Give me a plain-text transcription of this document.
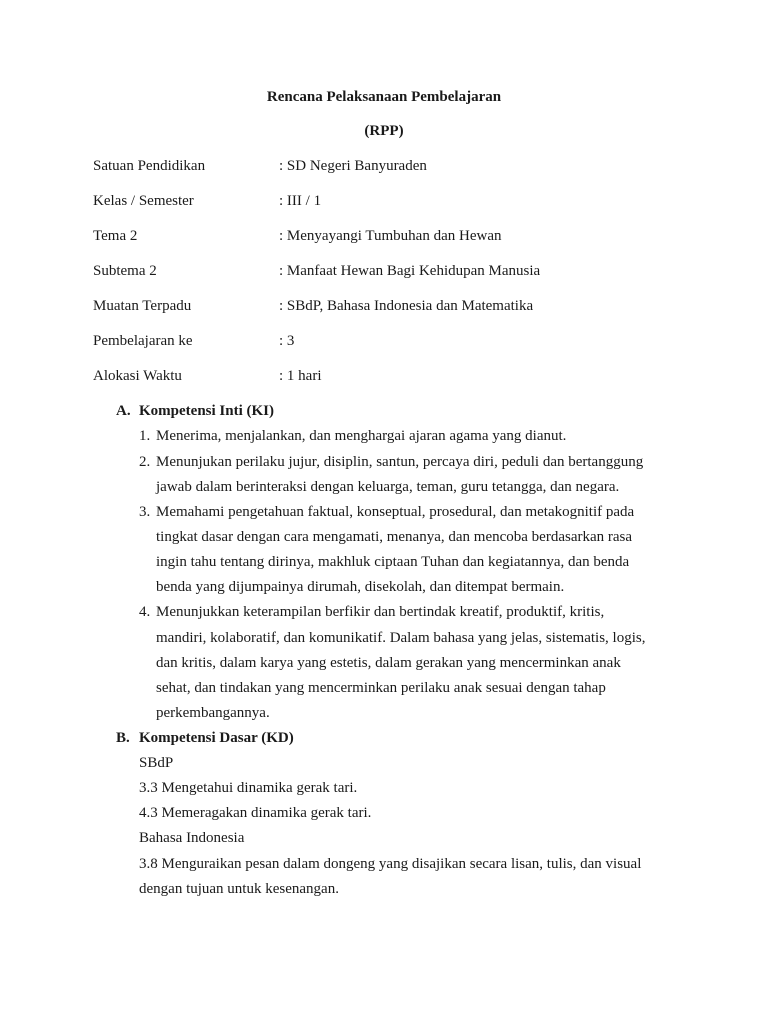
Rencana Pelaksanaan Pembelajaran
(RPP)
Satuan Pendidikan	: SD Negeri Banyuraden
Kelas / Semester	: III / 1
Tema 2	: Menyayangi Tumbuhan dan Hewan
Subtema 2	: Manfaat Hewan Bagi Kehidupan Manusia
Muatan Terpadu	: SBdP, Bahasa Indonesia dan Matematika
Pembelajaran ke	: 3
Alokasi Waktu	: 1 hari
A. Kompetensi Inti (KI)
1. Menerima, menjalankan, dan menghargai ajaran agama yang dianut.
2. Menunjukan perilaku jujur, disiplin, santun, percaya diri, peduli dan bertanggung
jawab dalam berinteraksi dengan keluarga, teman, guru tetangga, dan negara.
3. Memahami pengetahuan faktual, konseptual, prosedural, dan metakognitif pada
tingkat dasar dengan cara mengamati, menanya, dan mencoba berdasarkan rasa
ingin tahu tentang dirinya, makhluk ciptaan Tuhan dan kegiatannya, dan benda
benda yang dijumpainya dirumah, disekolah, dan ditempat bermain.
4. Menunjukkan keterampilan berfikir dan bertindak kreatif, produktif, kritis,
mandiri, kolaboratif, dan komunikatif. Dalam bahasa yang jelas, sistematis, logis,
dan kritis, dalam karya yang estetis, dalam gerakan yang mencerminkan anak
sehat, dan tindakan yang mencerminkan perilaku anak sesuai dengan tahap
perkembangannya.
B. Kompetensi Dasar (KD)
SBdP
3.3 Mengetahui dinamika gerak tari.
4.3 Memeragakan dinamika gerak tari.
Bahasa Indonesia
3.8 Menguraikan pesan dalam dongeng yang disajikan secara lisan, tulis, dan visual
dengan tujuan untuk kesenangan.
